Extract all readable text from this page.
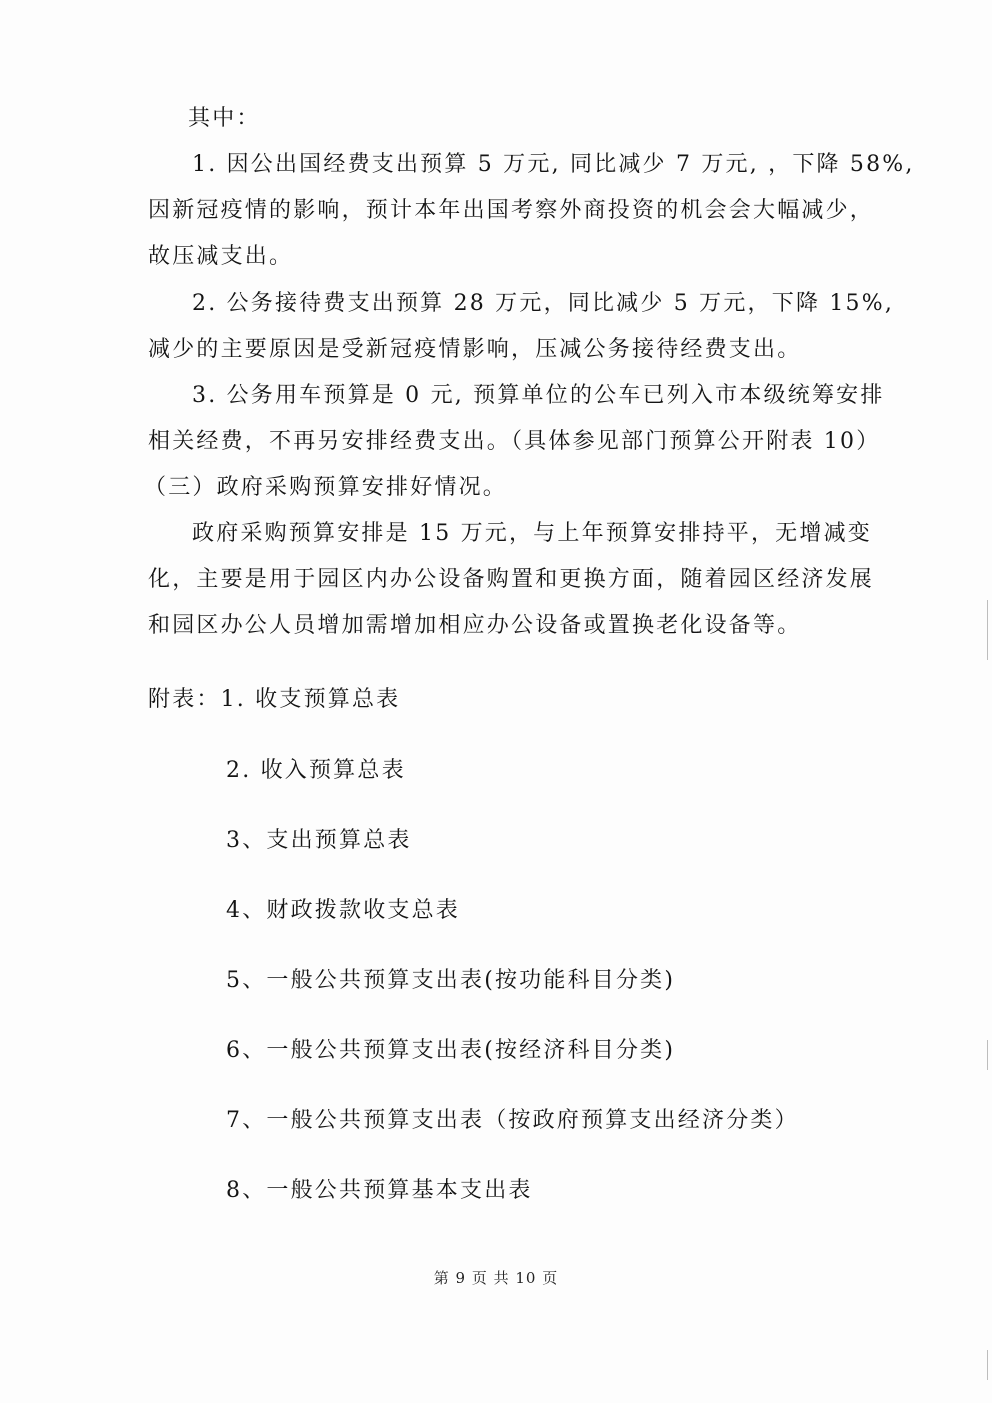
其中：
1. 因公出国经费支出预算 5 万元, 同比减少 7 万元, ，下降 58%,
因新冠疫情的影响，预计本年出国考察外商投资的机会会大幅减少，
故压减支出。
2. 公务接待费支出预算 28 万元，同比减少 5 万元，下降 15%,
减少的主要原因是受新冠疫情影响，压减公务接待经费支出。
3. 公务用车预算是 0 元, 预算单位的公车已列入市本级统筹安排
相关经费，不再另安排经费支出。（具体参见部门预算公开附表 10）
（三）政府采购预算安排好情况。
政府采购预算安排是 15 万元，与上年预算安排持平，无增减变
化，主要是用于园区内办公设备购置和更换方面，随着园区经济发展
和园区办公人员增加需增加相应办公设备或置换老化设备等。
附表：1. 收支预算总表
2. 收入预算总表
3、支出预算总表
4、财政拨款收支总表
5、一般公共预算支出表(按功能科目分类)
6、一般公共预算支出表(按经济科目分类)
7、一般公共预算支出表（按政府预算支出经济分类）
8、一般公共预算基本支出表
第 9 页 共 10 页
